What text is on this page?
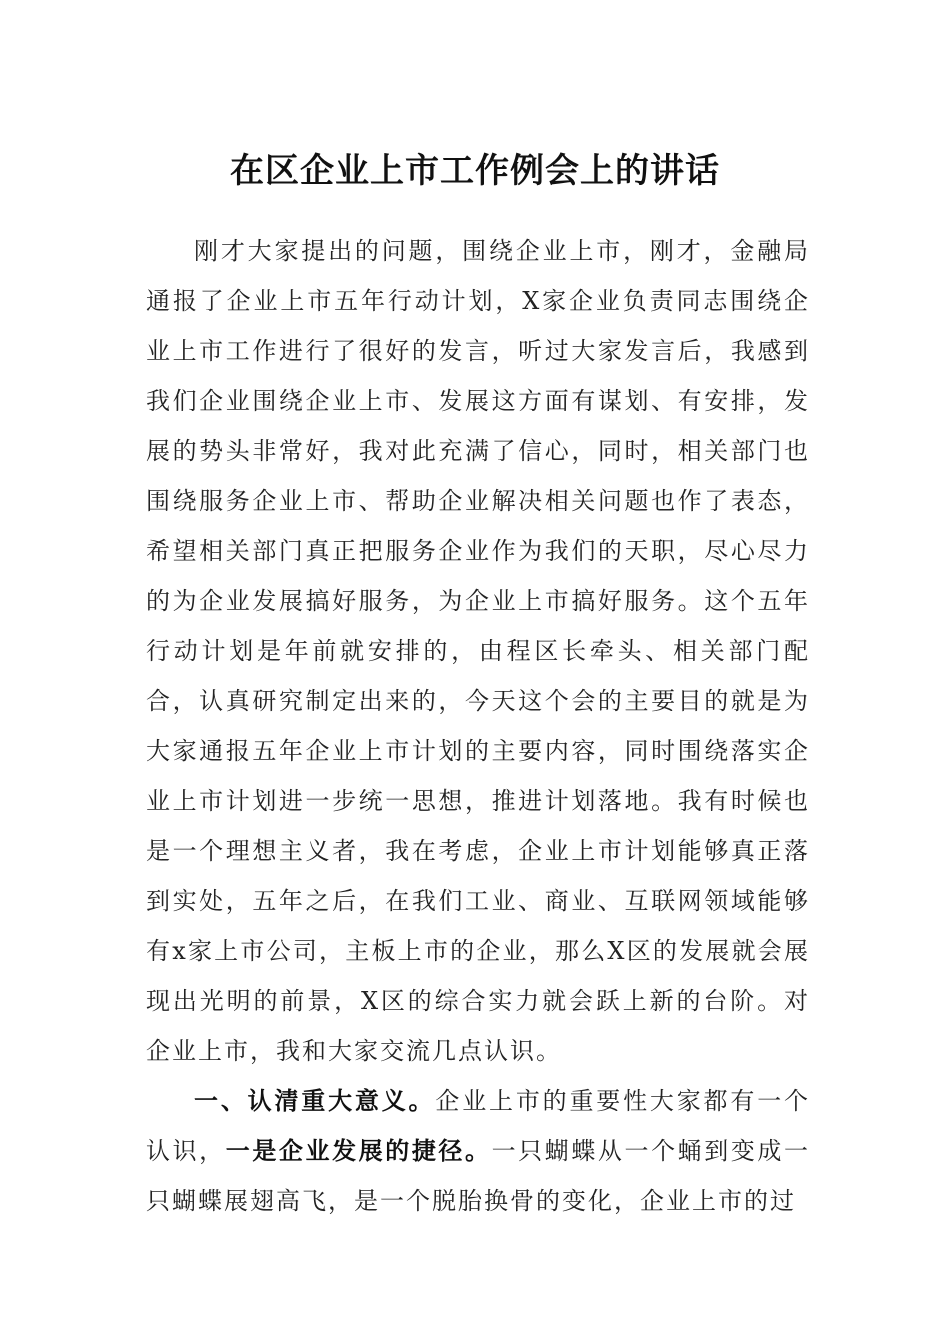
在区企业上市工作例会上的讲话

刚才大家提出的问题，围绕企业上市，刚才，金融局通报了企业上市五年行动计划，X家企业负责同志围绕企业上市工作进行了很好的发言，听过大家发言后，我感到我们企业围绕企业上市、发展这方面有谋划、有安排，发展的势头非常好，我对此充满了信心，同时，相关部门也围绕服务企业上市、帮助企业解决相关问题也作了表态，希望相关部门真正把服务企业作为我们的天职，尽心尽力的为企业发展搞好服务，为企业上市搞好服务。这个五年行动计划是年前就安排的，由程区长牵头、相关部门配合，认真研究制定出来的，今天这个会的主要目的就是为大家通报五年企业上市计划的主要内容，同时围绕落实企业上市计划进一步统一思想，推进计划落地。我有时候也是一个理想主义者，我在考虑，企业上市计划能够真正落到实处，五年之后，在我们工业、商业、互联网领域能够有x家上市公司，主板上市的企业，那么X区的发展就会展现出光明的前景，X区的综合实力就会跃上新的台阶。对企业上市，我和大家交流几点认识。

一、认清重大意义。企业上市的重要性大家都有一个认识，一是企业发展的捷径。一只蝴蝶从一个蛹到变成一只蝴蝶展翅高飞，是一个脱胎换骨的变化，企业上市的过
